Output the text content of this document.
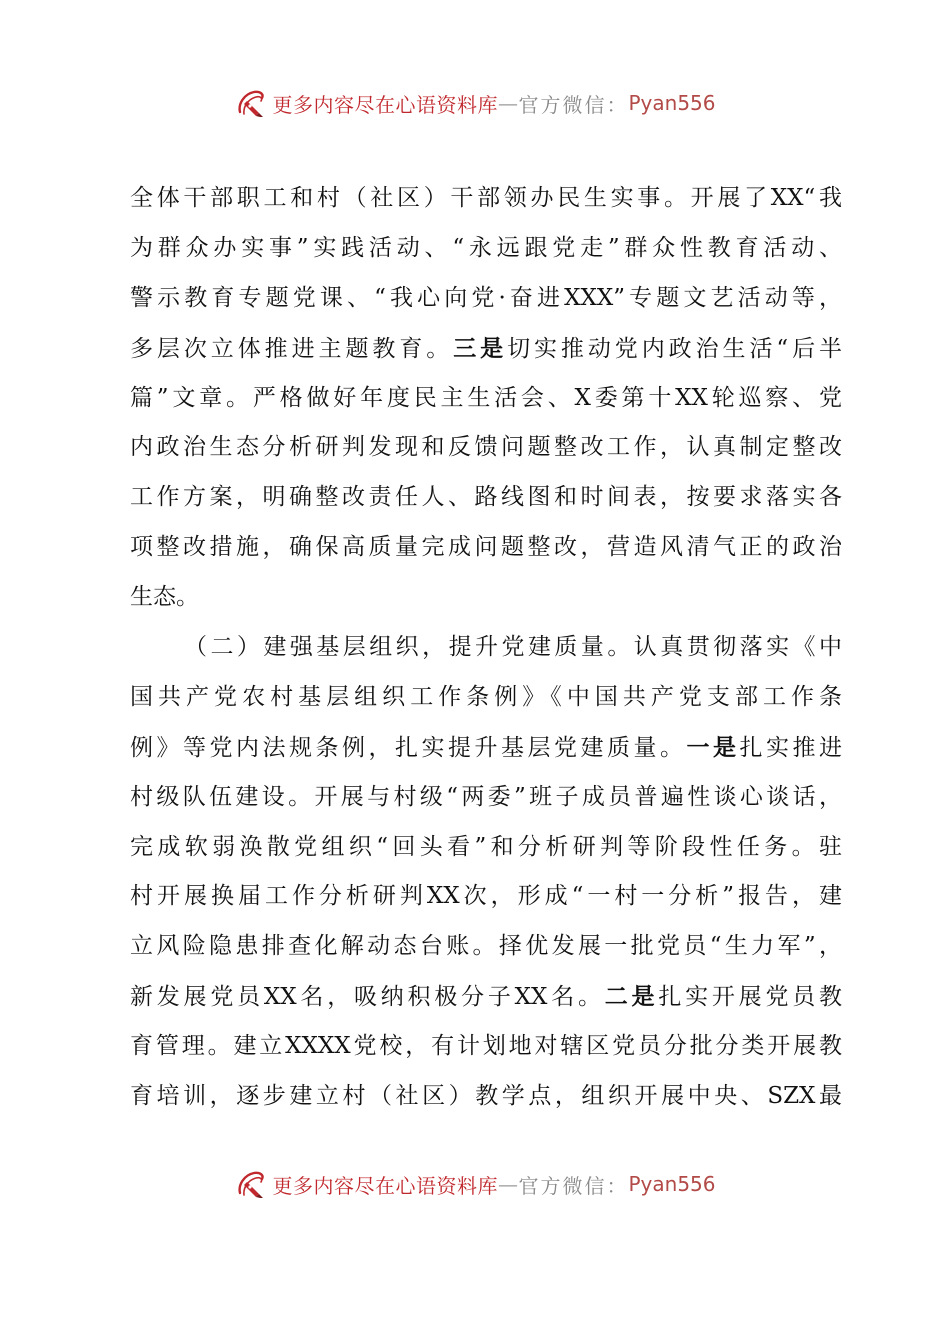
更多内容尽在心语资料库 — 官方微信： Pyan556
全体干部职工和村（社区）干部领办民生实事。开展了XX“我
为群众办实事”实践活动、“永远跟党走”群众性教育活动、
警示教育专题党课、“我心向党·奋进XXX”专题文艺活动等，
多层次立体推进主题教育。三是切实推动党内政治生活“后半
篇”文章。严格做好年度民主生活会、X委第十XX轮巡察、党
内政治生态分析研判发现和反馈问题整改工作，认真制定整改
工作方案，明确整改责任人、路线图和时间表，按要求落实各
项整改措施，确保高质量完成问题整改，营造风清气正的政治
生态。
（二）建强基层组织，提升党建质量。认真贯彻落实《中
国共产党农村基层组织工作条例》《中国共产党支部工作条
例》等党内法规条例，扎实提升基层党建质量。一是扎实推进
村级队伍建设。开展与村级“两委”班子成员普遍性谈心谈话，
完成软弱涣散党组织“回头看”和分析研判等阶段性任务。驻
村开展换届工作分析研判XX次，形成“一村一分析”报告，建
立风险隐患排查化解动态台账。择优发展一批党员“生力军”，
新发展党员XX名，吸纳积极分子XX名。二是扎实开展党员教
育管理。建立XXXX党校，有计划地对辖区党员分批分类开展教
育培训，逐步建立村（社区）教学点，组织开展中央、SZX最
更多内容尽在心语资料库 — 官方微信： Pyan556
